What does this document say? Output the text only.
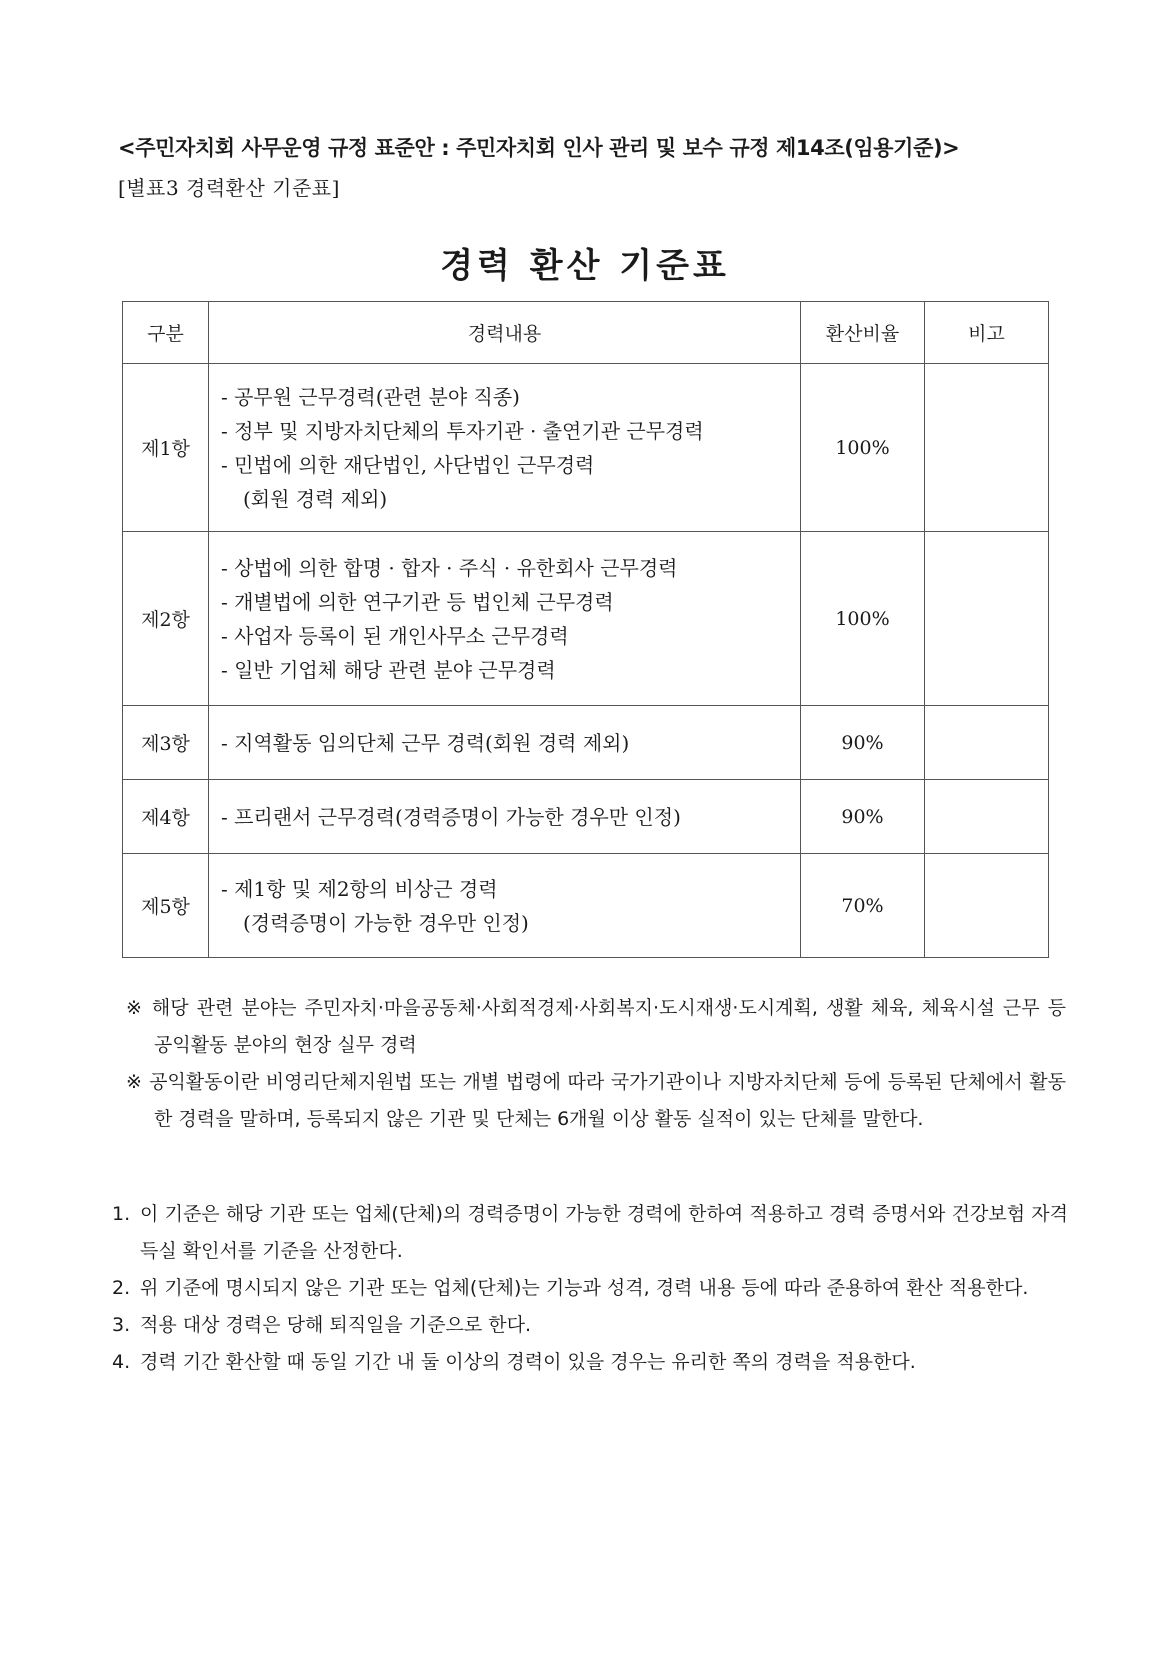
<주민자치회 사무운영 규정 표준안 : 주민자치회 인사 관리 및 보수 규정 제14조(임용기준)>
[별표3 경력환산 기준표]
경력 환산 기준표
구분	경력내용	환산비율	비고
제1항	- 공무원 근무경력(관련 분야 직종)
- 정부 및 지방자치단체의 투자기관 · 출연기관 근무경력
- 민법에 의한 재단법인, 사단법인 근무경력
(회원 경력 제외)	100%	
제2항	- 상법에 의한 합명 · 합자 · 주식 · 유한회사 근무경력
- 개별법에 의한 연구기관 등 법인체 근무경력
- 사업자 등록이 된 개인사무소 근무경력
- 일반 기업체 해당 관련 분야 근무경력	100%	
제3항	- 지역활동 임의단체 근무 경력(회원 경력 제외)	90%	
제4항	- 프리랜서 근무경력(경력증명이 가능한 경우만 인정)	90%	
제5항	- 제1항 및 제2항의 비상근 경력
(경력증명이 가능한 경우만 인정)	70%	
※ 해당 관련 분야는 주민자치·마을공동체·사회적경제·사회복지·도시재생·도시계획, 생활 체육, 체육시설 근무 등 공익활동 분야의 현장 실무 경력
※ 공익활동이란 비영리단체지원법 또는 개별 법령에 따라 국가기관이나 지방자치단체 등에 등록된 단체에서 활동한 경력을 말하며, 등록되지 않은 기관 및 단체는 6개월 이상 활동 실적이 있는 단체를 말한다.
1. 이 기준은 해당 기관 또는 업체(단체)의 경력증명이 가능한 경력에 한하여 적용하고 경력 증명서와 건강보험 자격 득실 확인서를 기준을 산정한다.
2. 위 기준에 명시되지 않은 기관 또는 업체(단체)는 기능과 성격, 경력 내용 등에 따라 준용하여 환산 적용한다.
3. 적용 대상 경력은 당해 퇴직일을 기준으로 한다.
4. 경력 기간 환산할 때 동일 기간 내 둘 이상의 경력이 있을 경우는 유리한 쪽의 경력을 적용한다.
